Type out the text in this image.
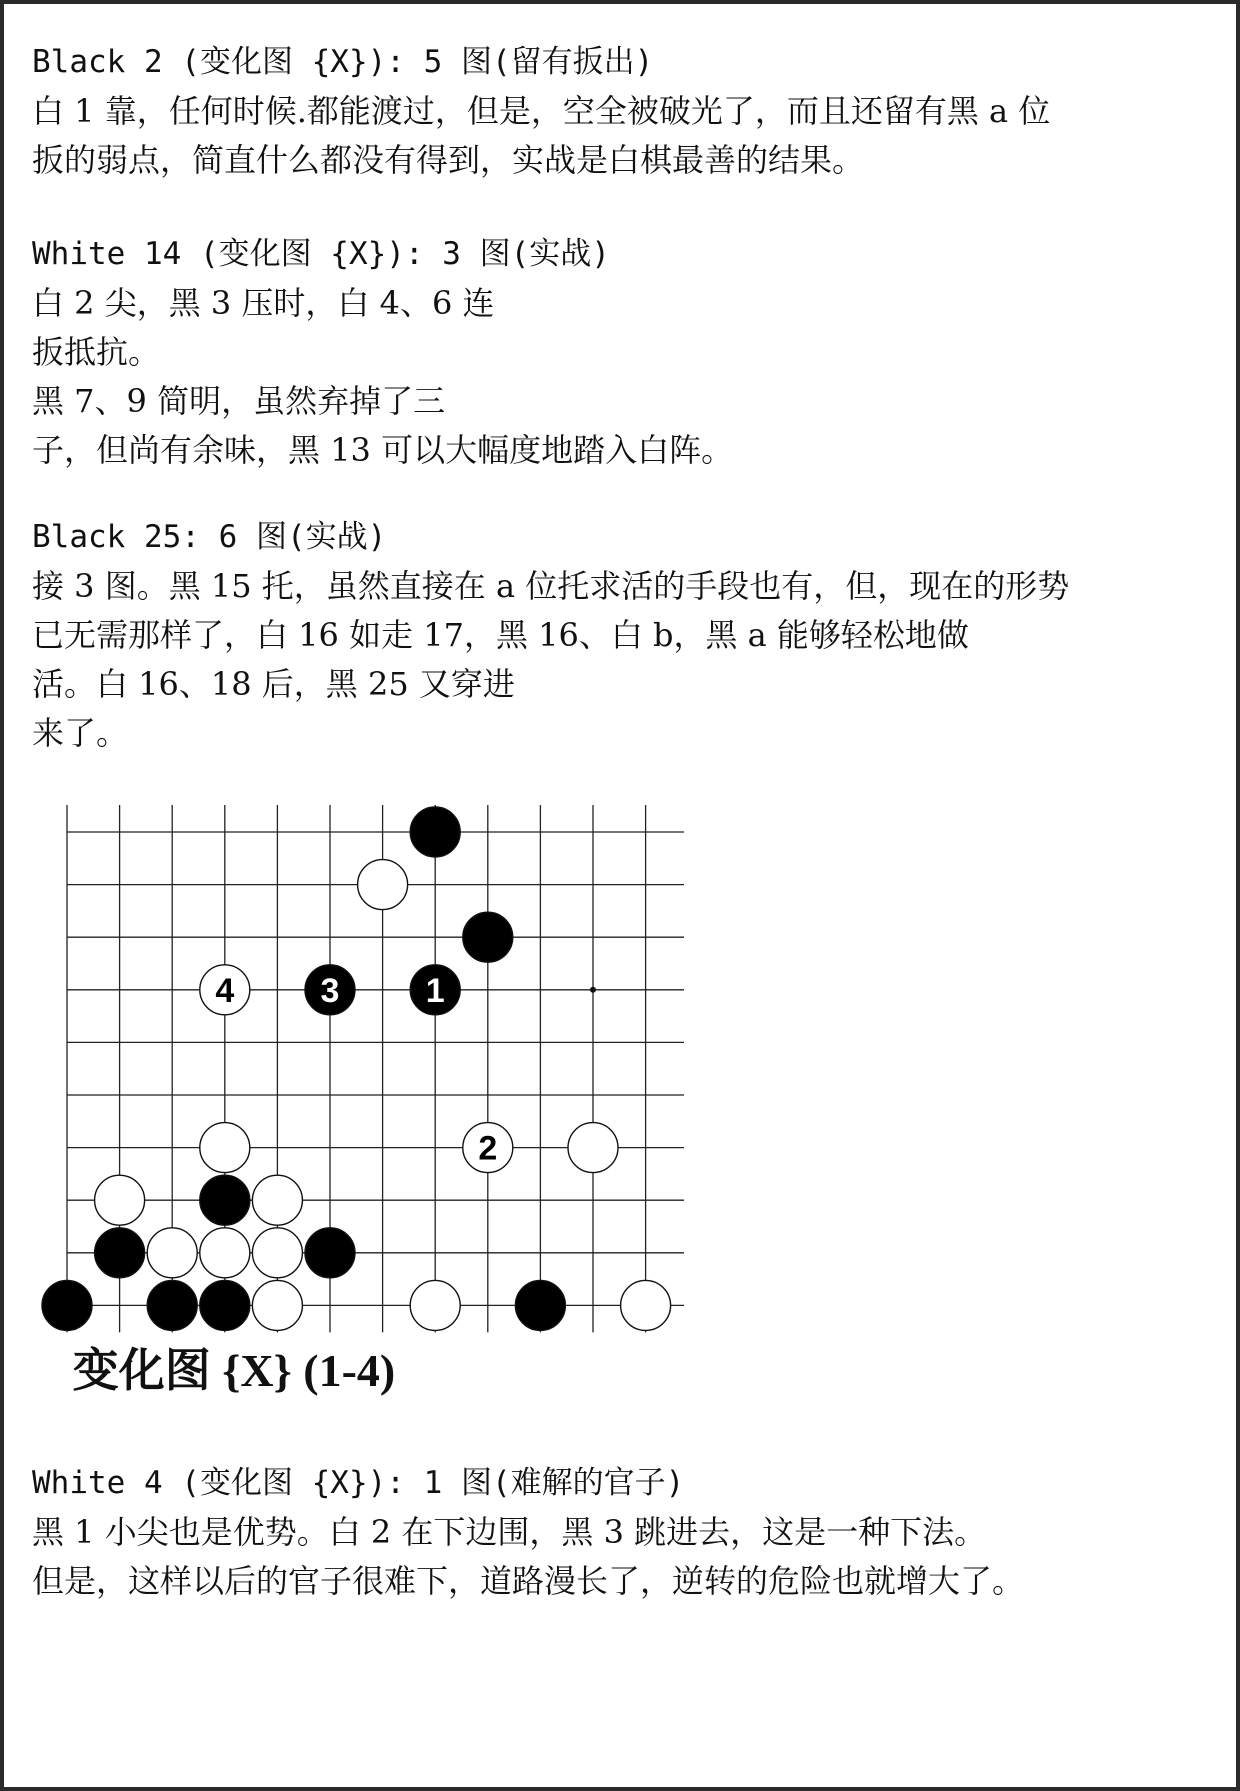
Black 2 (变化图 {X}): 5 图(留有扳出)

白 1 靠，任何时候.都能渡过，但是，空全被破光了，而且还留有黑 a 位

扳的弱点，简直什么都没有得到，实战是白棋最善的结果。

White 14 (变化图 {X}): 3 图(实战)

白 2 尖，黑 3 压时，白 4、6 连

扳抵抗。

黑 7、9 简明，虽然弃掉了三

子，但尚有余味，黑 13 可以大幅度地踏入白阵。

Black 25: 6 图(实战)

接 3 图。黑 15 托，虽然直接在 a 位托求活的手段也有，但，现在的形势

已无需那样了，白 16 如走 17，黑 16、白 b，黑 a 能够轻松地做

活。白 16、18 后，黑 25 又穿进

来了。

4	3	1
2
变化图 {X} (1-4)

White 4 (变化图 {X}): 1 图(难解的官子)

黑 1 小尖也是优势。白 2 在下边围，黑 3 跳进去，这是一种下法。

但是，这样以后的官子很难下，道路漫长了，逆转的危险也就增大了。
